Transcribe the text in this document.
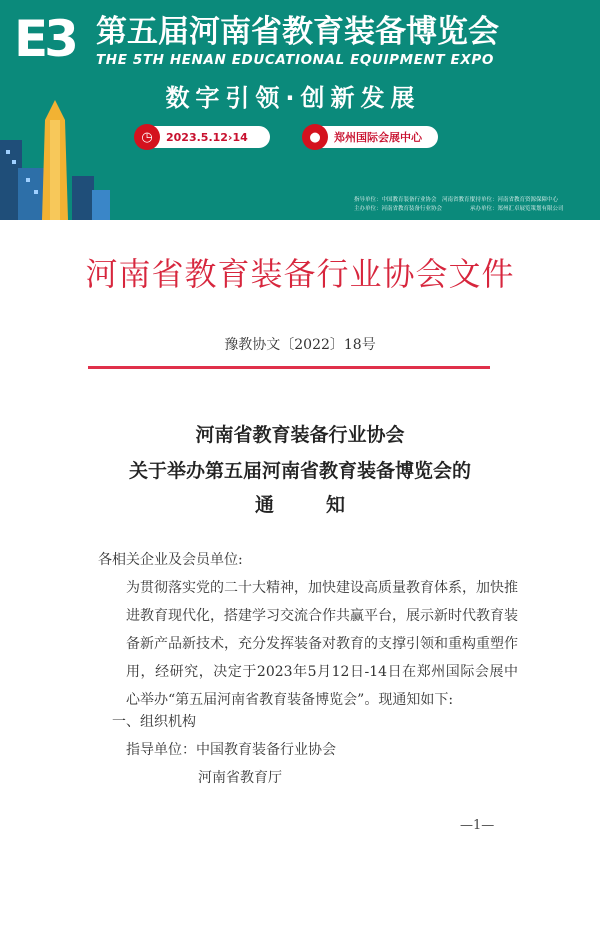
E3 第五届河南省教育装备博览会
THE 5TH HENAN EDUCATIONAL EQUIPMENT EXPO
数字引领·创新发展
◷	2023.5.12›14	●	郑州国际会展中心
指导单位：中国教育装备行业协会　河南省教育厅
主办单位：河南省教育装备行业协会
支持单位：河南省教育资源保障中心
承办单位：郑州汇卓展览策划有限公司
河南省教育装备行业协会文件
豫教协文〔2022〕18号
河南省教育装备行业协会
关于举办第五届河南省教育装备博览会的
通知
各相关企业及会员单位:

为贯彻落实党的二十大精神，加快建设高质量教育体系，加快推进教育现代化，搭建学习交流合作共赢平台，展示新时代教育装备新产品新技术，充分发挥装备对教育的支撑引领和重构重塑作用，经研究，决定于2023年5月12日-14日在郑州国际会展中心举办“第五届河南省教育装备博览会”。现通知如下:

一、组织机构
指导单位：中国教育装备行业协会
河南省教育厅
—1—
